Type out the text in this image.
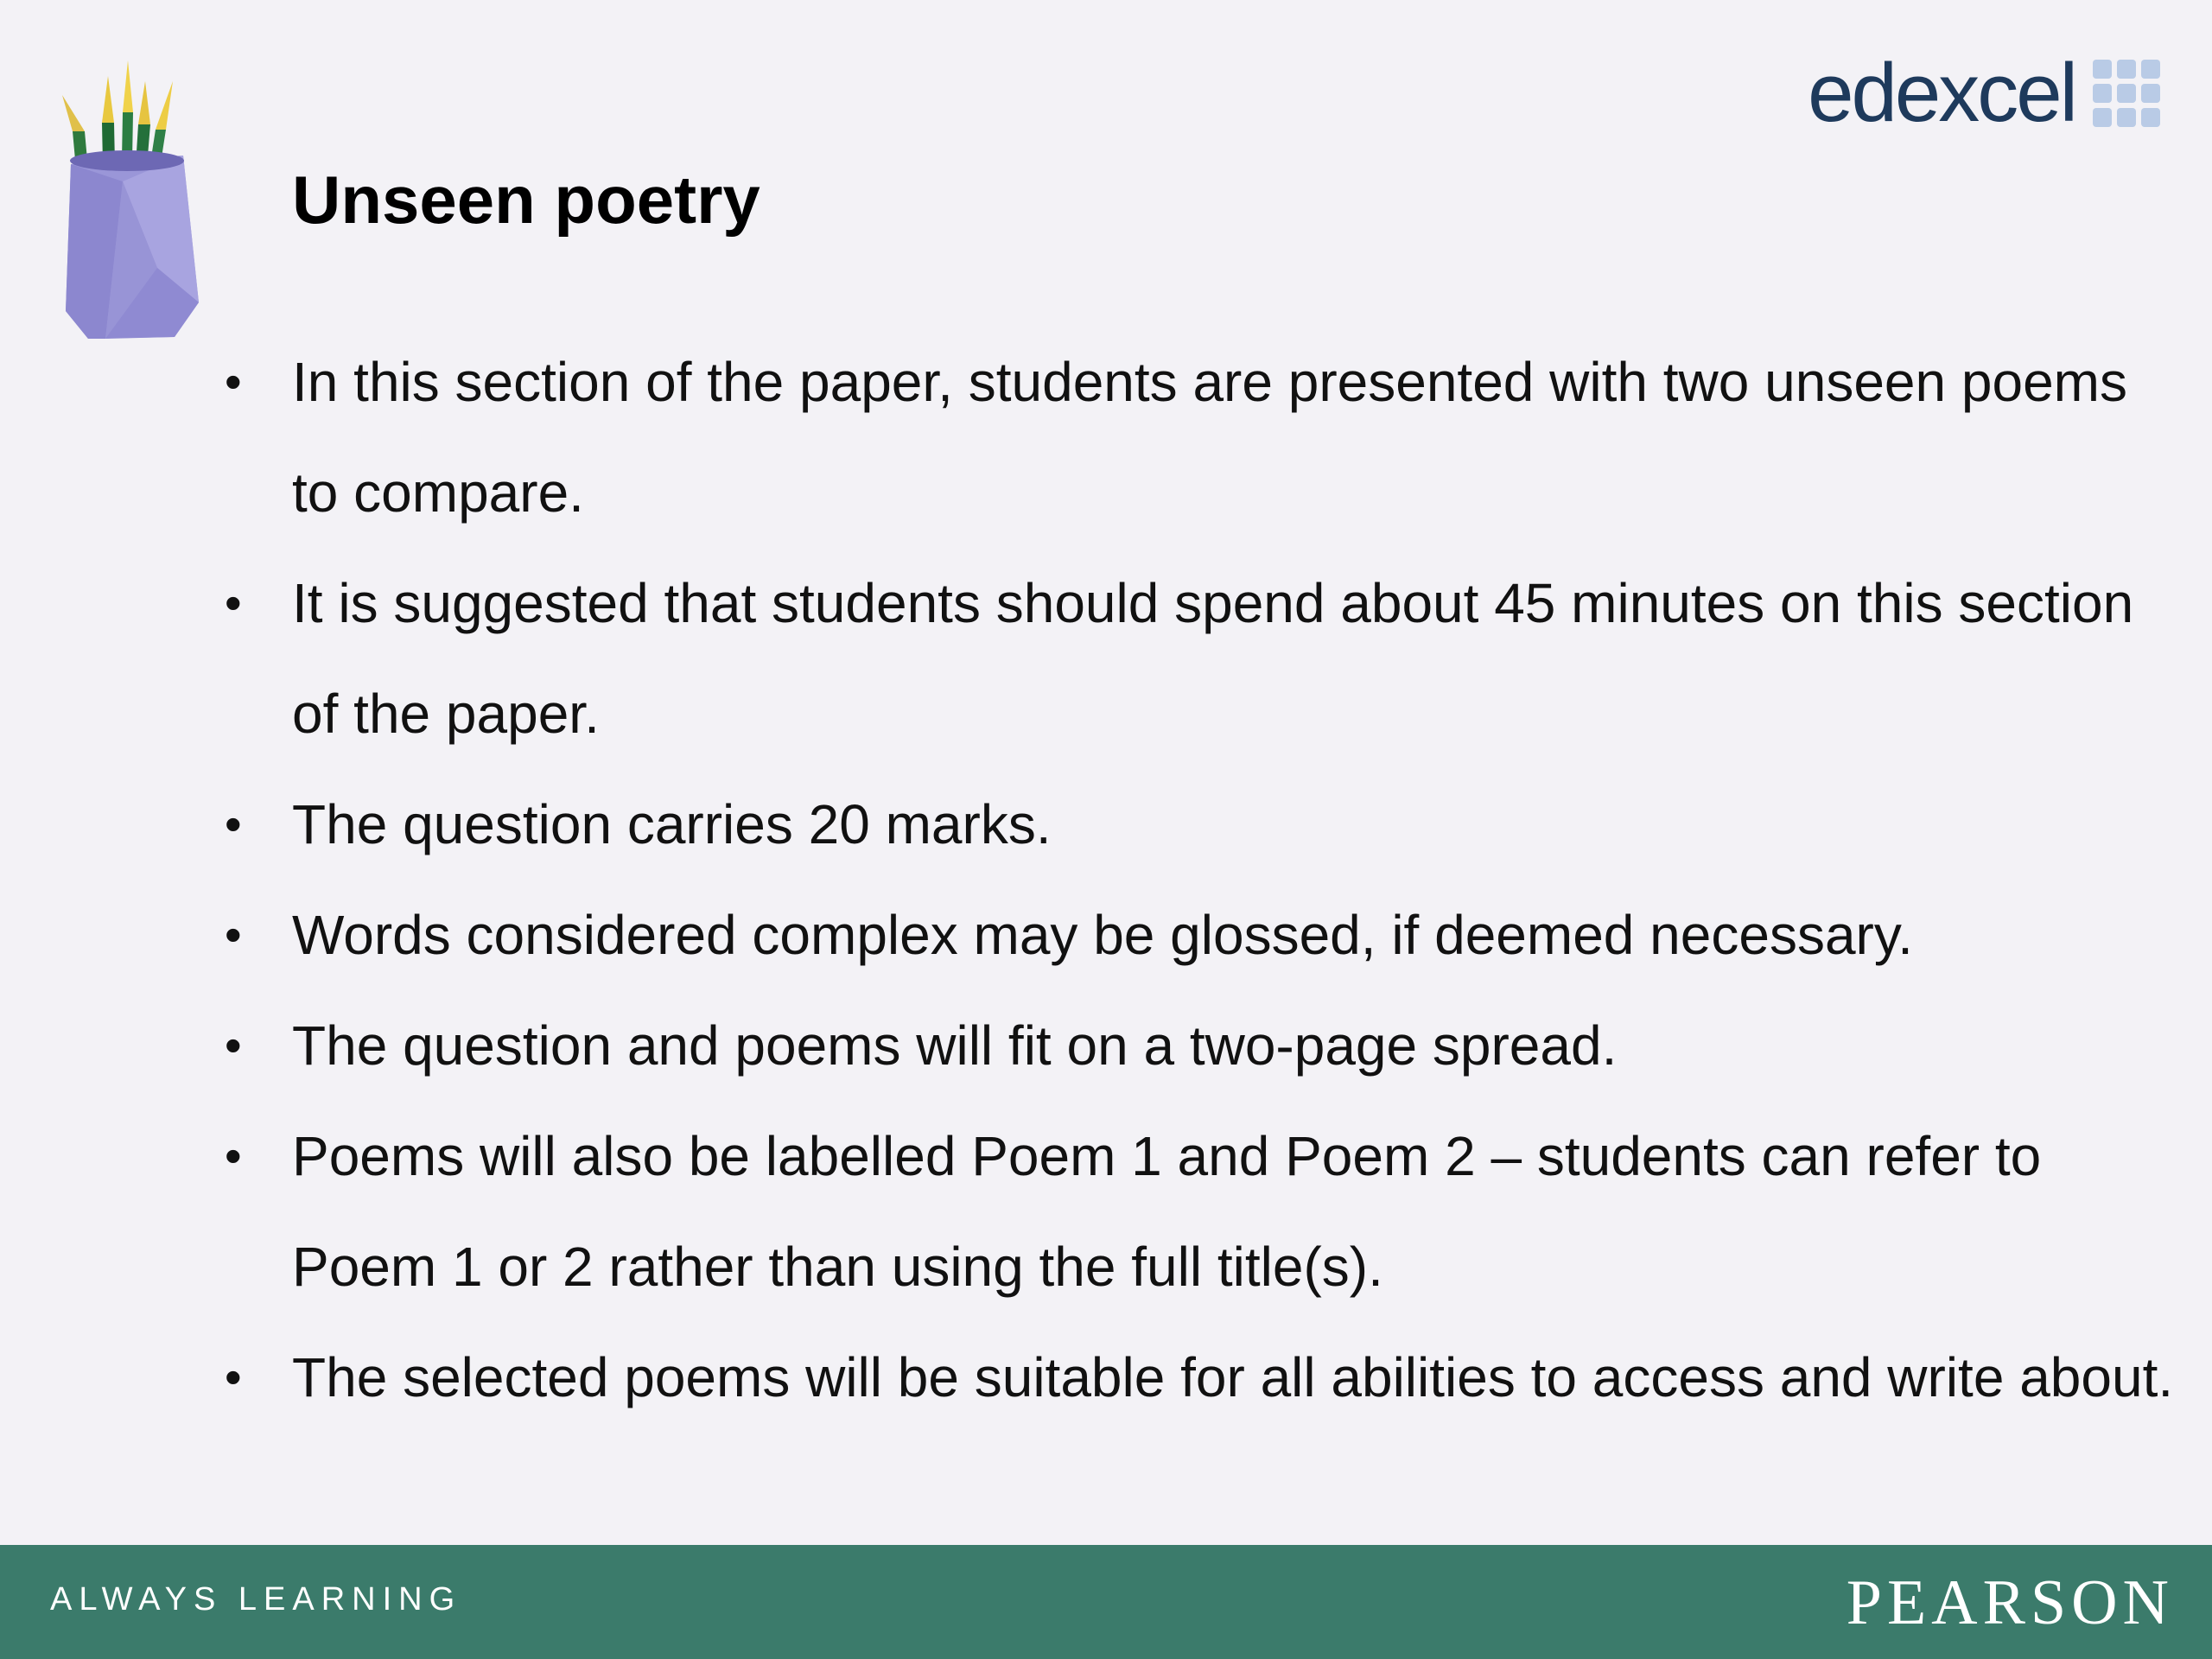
edexcel
Unseen poetry
• In this section of the paper, students are presented with two unseen poems to compare.
• It is suggested that students should spend about 45 minutes on this section of the paper.
• The question carries 20 marks.
• Words considered complex may be glossed, if deemed necessary.
• The question and poems will fit on a two-page spread.
• Poems will also be labelled Poem 1 and Poem 2 – students can refer to Poem 1 or 2 rather than using the full title(s).
• The selected poems will be suitable for all abilities to access and write about.
ALWAYS LEARNING	PEARSON
